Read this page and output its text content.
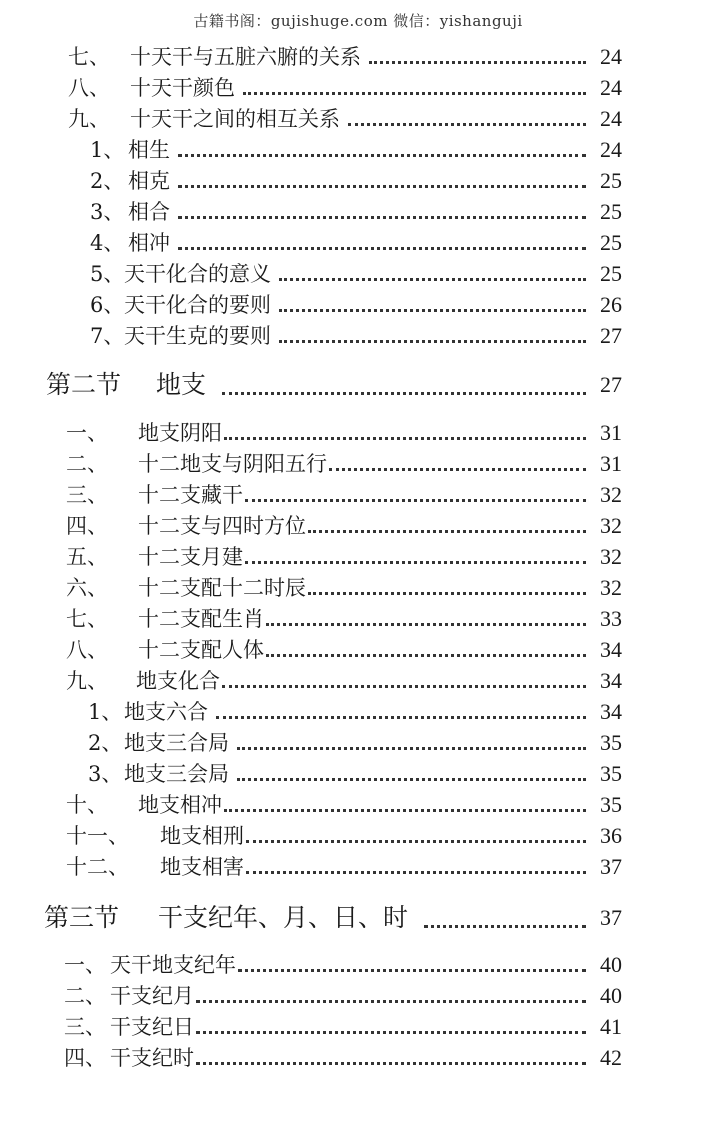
古籍书阁：gujishuge.com 微信：yishanguji
七、 十天干与五脏六腑的关系	24
八、 十天干颜色	24
九、 十天干之间的相互关系	24
1、 相生	24
2、 相克	25
3、 相合	25
4、 相冲	25
5、 天干化合的意义	25
6、 天干化合的要则	26
7、 天干生克的要则	27
第二节	地支	27
一、	地支阴阳	31
二、	十二地支与阴阳五行	31
三、	十二支藏干	32
四、	十二支与四时方位	32
五、	十二支月建	32
六、	十二支配十二时辰	32
七、	十二支配生肖	33
八、	十二支配人体	34
九、	地支化合	34
1、 地支六合	34
2、 地支三合局	35
3、 地支三会局	35
十、	地支相冲	35
十一、	地支相刑	36
十二、	地支相害	37
第三节	干支纪年、月、日、时	37
一、 天干地支纪年	40
二、 干支纪月	40
三、 干支纪日	41
四、 干支纪时	42
